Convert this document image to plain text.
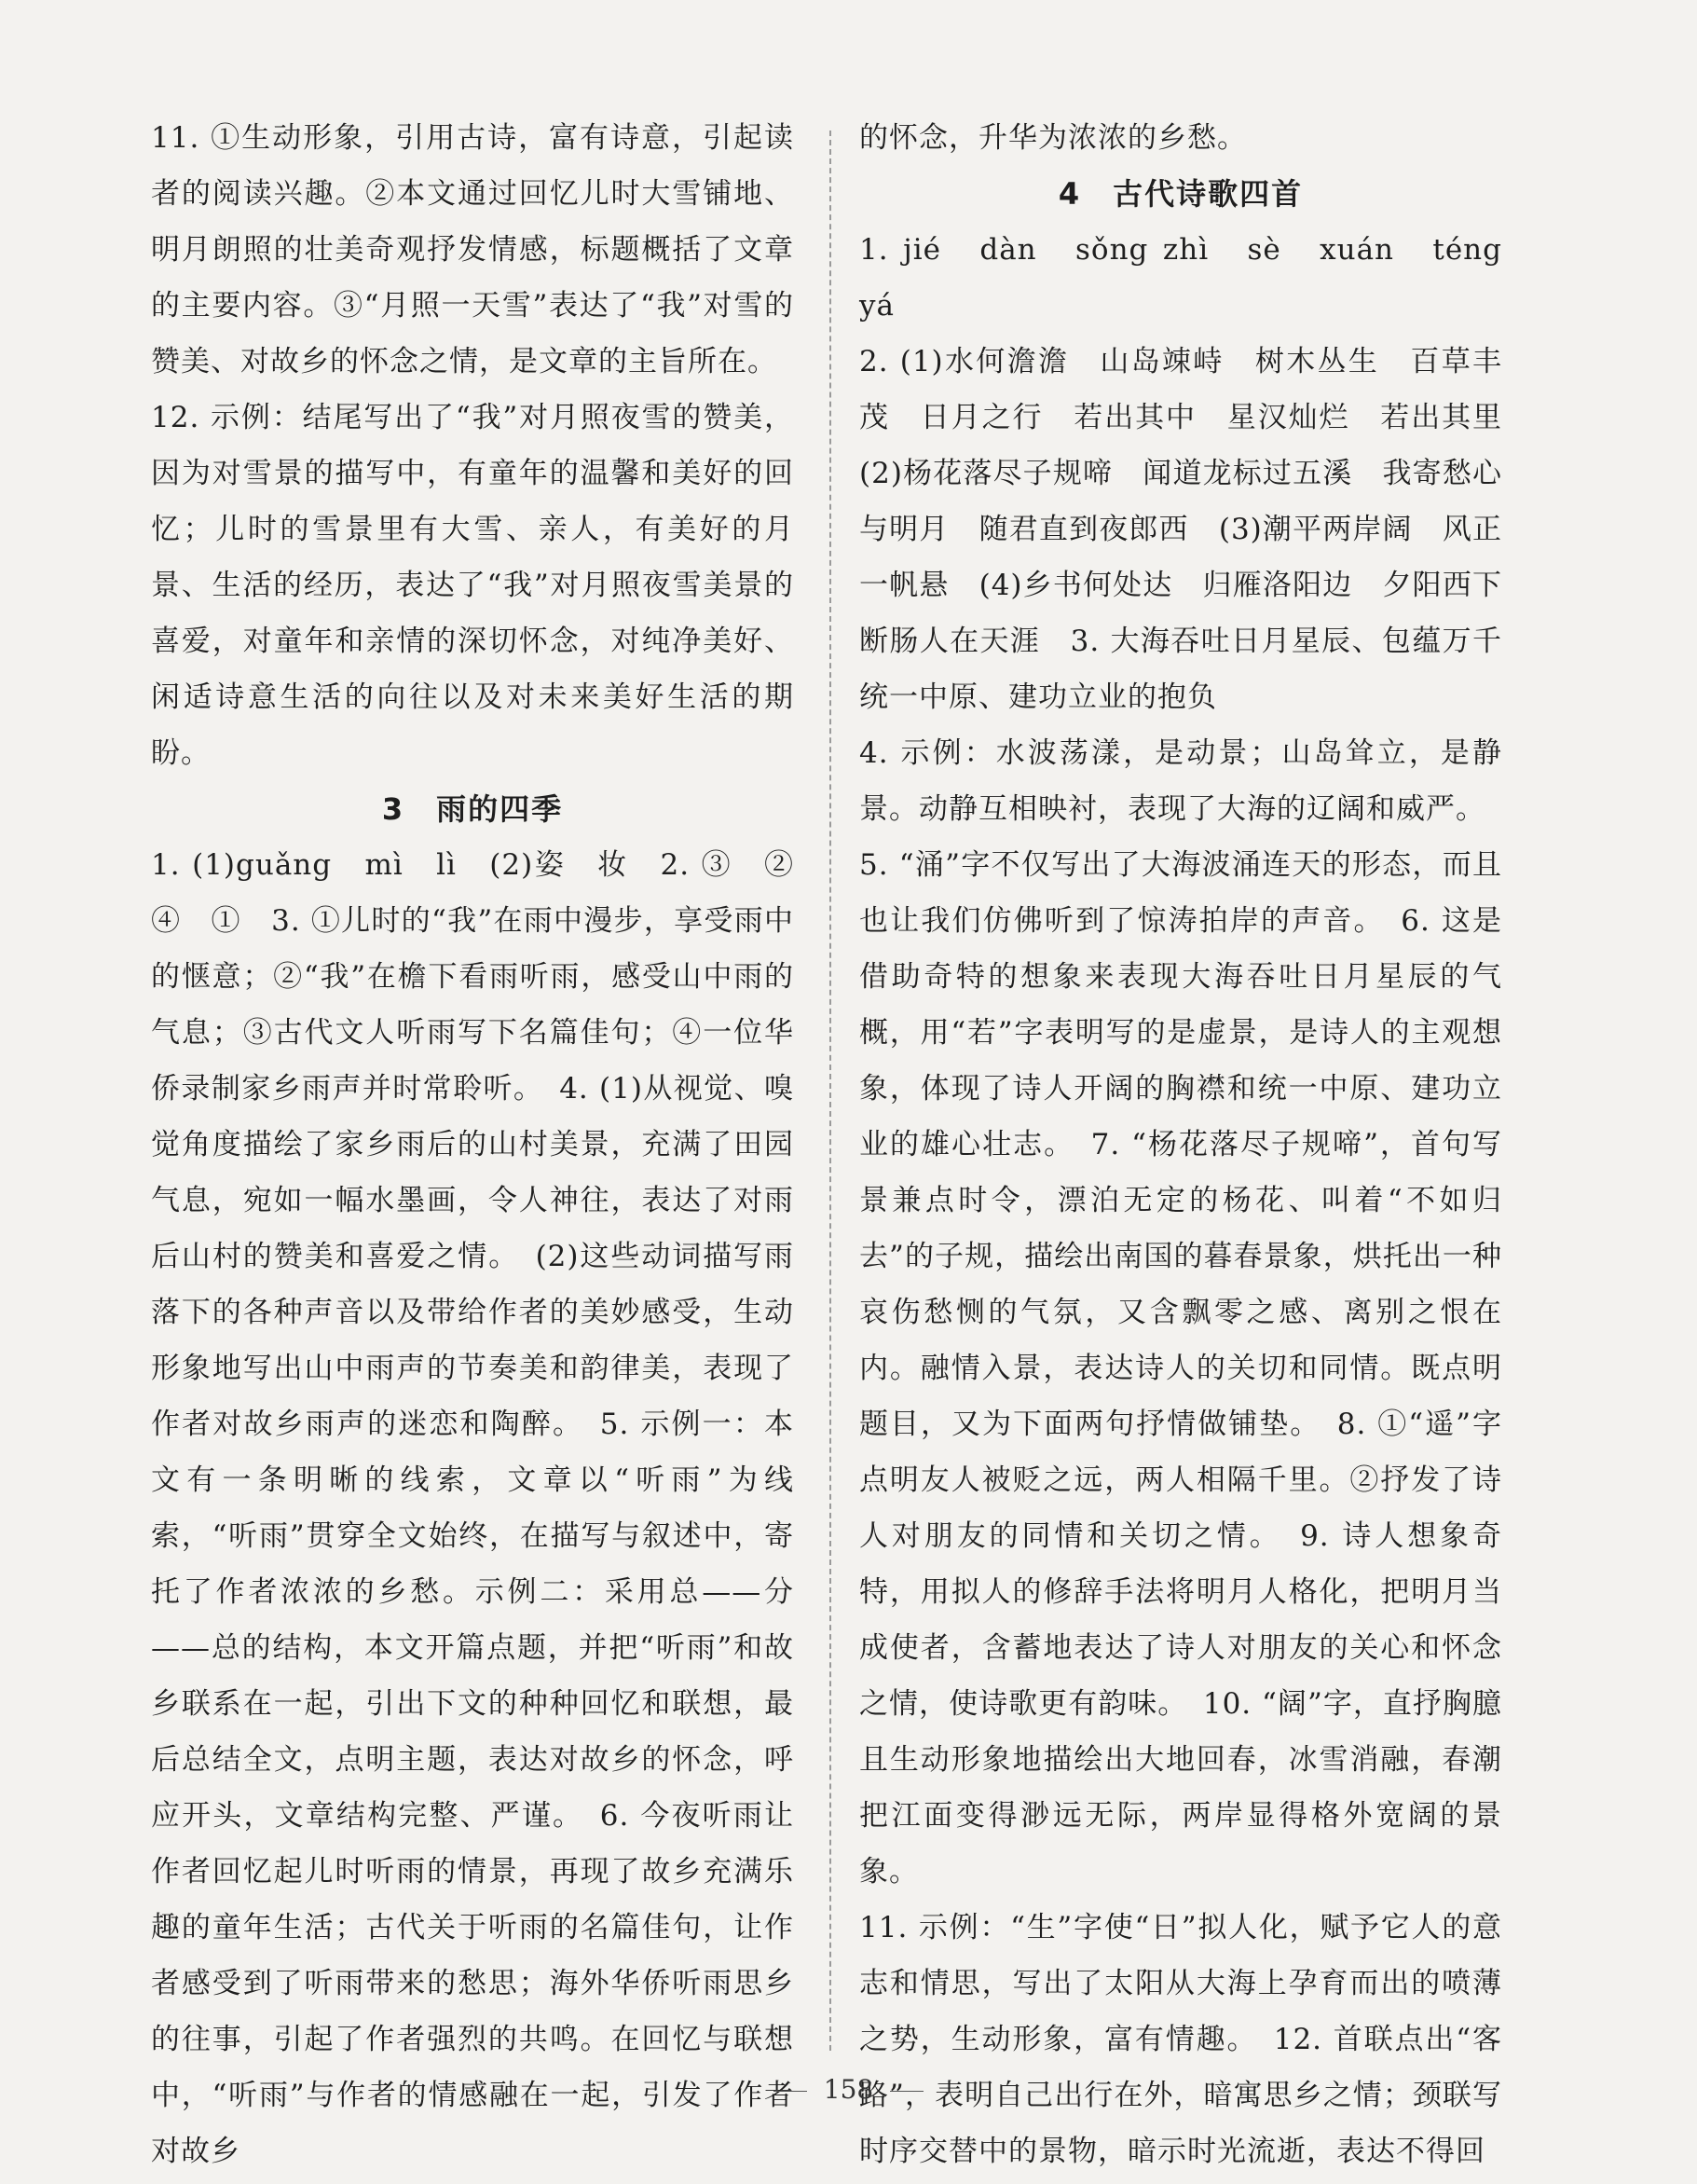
11. ①生动形象，引用古诗，富有诗意，引起读者的阅读兴趣。②本文通过回忆儿时大雪铺地、明月朗照的壮美奇观抒发情感，标题概括了文章的主要内容。③“月照一天雪”表达了“我”对雪的赞美、对故乡的怀念之情，是文章的主旨所在。

12. 示例：结尾写出了“我”对月照夜雪的赞美，因为对雪景的描写中，有童年的温馨和美好的回忆；儿时的雪景里有大雪、亲人，有美好的月景、生活的经历，表达了“我”对月照夜雪美景的喜爱，对童年和亲情的深切怀念，对纯净美好、闲适诗意生活的向往以及对未来美好生活的期盼。

3　雨的四季

1. (1)guǎng　mì　lì　(2)姿　妆　2. ③　②　④　①　3. ①儿时的“我”在雨中漫步，享受雨中的惬意；②“我”在檐下看雨听雨，感受山中雨的气息；③古代文人听雨写下名篇佳句；④一位华侨录制家乡雨声并时常聆听。　4. (1)从视觉、嗅觉角度描绘了家乡雨后的山村美景，充满了田园气息，宛如一幅水墨画，令人神往，表达了对雨后山村的赞美和喜爱之情。　(2)这些动词描写雨落下的各种声音以及带给作者的美妙感受，生动形象地写出山中雨声的节奏美和韵律美，表现了作者对故乡雨声的迷恋和陶醉。　5. 示例一：本文有一条明晰的线索，文章以“听雨”为线索，“听雨”贯穿全文始终，在描写与叙述中，寄托了作者浓浓的乡愁。示例二：采用总——分——总的结构，本文开篇点题，并把“听雨”和故乡联系在一起，引出下文的种种回忆和联想，最后总结全文，点明主题，表达对故乡的怀念，呼应开头，文章结构完整、严谨。　6. 今夜听雨让作者回忆起儿时听雨的情景，再现了故乡充满乐趣的童年生活；古代关于听雨的名篇佳句，让作者感受到了听雨带来的愁思；海外华侨听雨思乡的往事，引起了作者强烈的共鸣。在回忆与联想中，“听雨”与作者的情感融在一起，引发了作者对故乡

的怀念，升华为浓浓的乡愁。

4　古代诗歌四首

1. jié　dàn　sǒng zhì　sè　xuán　téng　yá

2. (1)水何澹澹　山岛竦峙　树木丛生　百草丰茂　日月之行　若出其中　星汉灿烂　若出其里　(2)杨花落尽子规啼　闻道龙标过五溪　我寄愁心与明月　随君直到夜郎西　(3)潮平两岸阔　风正一帆悬　(4)乡书何处达　归雁洛阳边　夕阳西下　断肠人在天涯　3. 大海吞吐日月星辰、包蕴万千　统一中原、建功立业的抱负

4. 示例：水波荡漾，是动景；山岛耸立，是静景。动静互相映衬，表现了大海的辽阔和威严。

5. “涌”字不仅写出了大海波涌连天的形态，而且也让我们仿佛听到了惊涛拍岸的声音。　6. 这是借助奇特的想象来表现大海吞吐日月星辰的气概，用“若”字表明写的是虚景，是诗人的主观想象，体现了诗人开阔的胸襟和统一中原、建功立业的雄心壮志。　7. “杨花落尽子规啼”，首句写景兼点时令，漂泊无定的杨花、叫着“不如归去”的子规，描绘出南国的暮春景象，烘托出一种哀伤愁恻的气氛，又含飘零之感、离别之恨在内。融情入景，表达诗人的关切和同情。既点明题目，又为下面两句抒情做铺垫。　8. ①“遥”字点明友人被贬之远，两人相隔千里。②抒发了诗人对朋友的同情和关切之情。　9. 诗人想象奇特，用拟人的修辞手法将明月人格化，把明月当成使者，含蓄地表达了诗人对朋友的关心和怀念之情，使诗歌更有韵味。　10. “阔”字，直抒胸臆且生动形象地描绘出大地回春，冰雪消融，春潮把江面变得渺远无际，两岸显得格外宽阔的景象。

11. 示例：“生”字使“日”拟人化，赋予它人的意志和情思，写出了太阳从大海上孕育而出的喷薄之势，生动形象，富有情趣。　12. 首联点出“客路”，表明自己出行在外，暗寓思乡之情；颈联写时序交替中的景物，暗示时光流逝，表达不得回

158
